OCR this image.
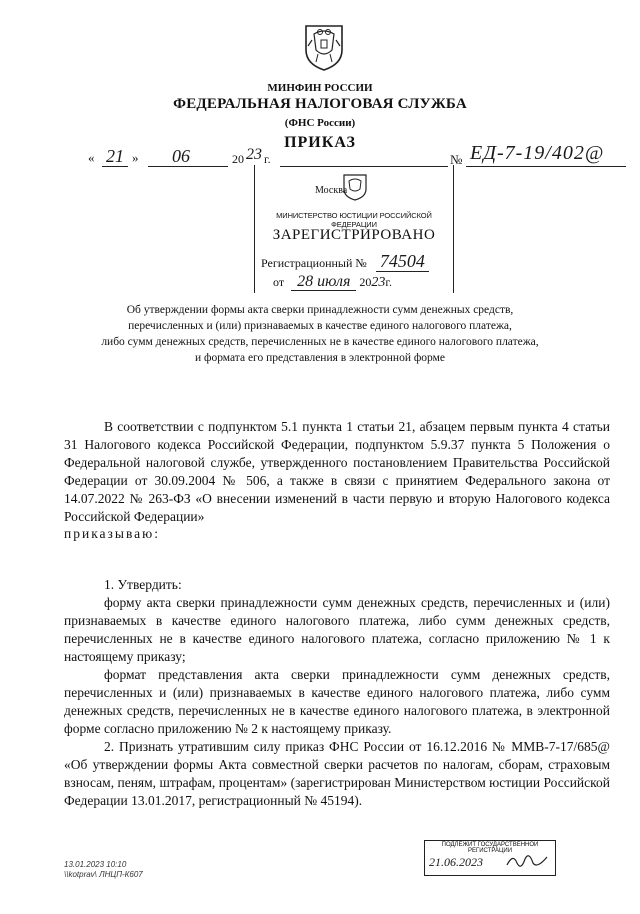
МИНФИН РОССИИ
ФЕДЕРАЛЬНАЯ НАЛОГОВАЯ СЛУЖБА
(ФНС России)
ПРИКАЗ
« 21 » 06	20 23 г.	№ ЕД-7-19/402@
Москва
МИНИСТЕРСТВО ЮСТИЦИИ РОССИЙСКОЙ ФЕДЕРАЦИИ
ЗАРЕГИСТРИРОВАНО
Регистрационный № 74504
от 28 июля 2023г.
Об утверждении формы акта сверки принадлежности сумм денежных средств,
перечисленных и (или) признаваемых в качестве единого налогового платежа,
либо сумм денежных средств, перечисленных не в качестве единого налогового платежа,
и формата его представления в электронной форме
В соответствии с подпунктом 5.1 пункта 1 статьи 21, абзацем первым пункта 4 статьи 31 Налогового кодекса Российской Федерации, подпунктом 5.9.37 пункта 5 Положения о Федеральной налоговой службе, утвержденного постановлением Правительства Российской Федерации от 30.09.2004 № 506, а также в связи с принятием Федерального закона от 14.07.2022 № 263-ФЗ «О внесении изменений в части первую и вторую Налогового кодекса Российской Федерации»
приказываю:
1. Утвердить:
форму акта сверки принадлежности сумм денежных средств, перечисленных и (или) признаваемых в качестве единого налогового платежа, либо сумм денежных средств, перечисленных не в качестве единого налогового платежа, согласно приложению № 1 к настоящему приказу;
формат представления акта сверки принадлежности сумм денежных средств, перечисленных и (или) признаваемых в качестве единого налогового платежа, либо сумм денежных средств, перечисленных не в качестве единого налогового платежа, в электронной форме согласно приложению № 2 к настоящему приказу.
2. Признать утратившим силу приказ ФНС России от 16.12.2016 № ММВ-7-17/685@ «Об утверждении формы Акта совместной сверки расчетов по налогам, сборам, страховым взносам, пеням, штрафам, процентам» (зарегистрирован Министерством юстиции Российской Федерации 13.01.2017, регистрационный № 45194).
13.01.2023 10:10
\\kotprav\ ЛНЦП-К607
ПОДЛЕЖИТ ГОСУДАРСТВЕННОЙ
РЕГИСТРАЦИИ
21.06.2023
